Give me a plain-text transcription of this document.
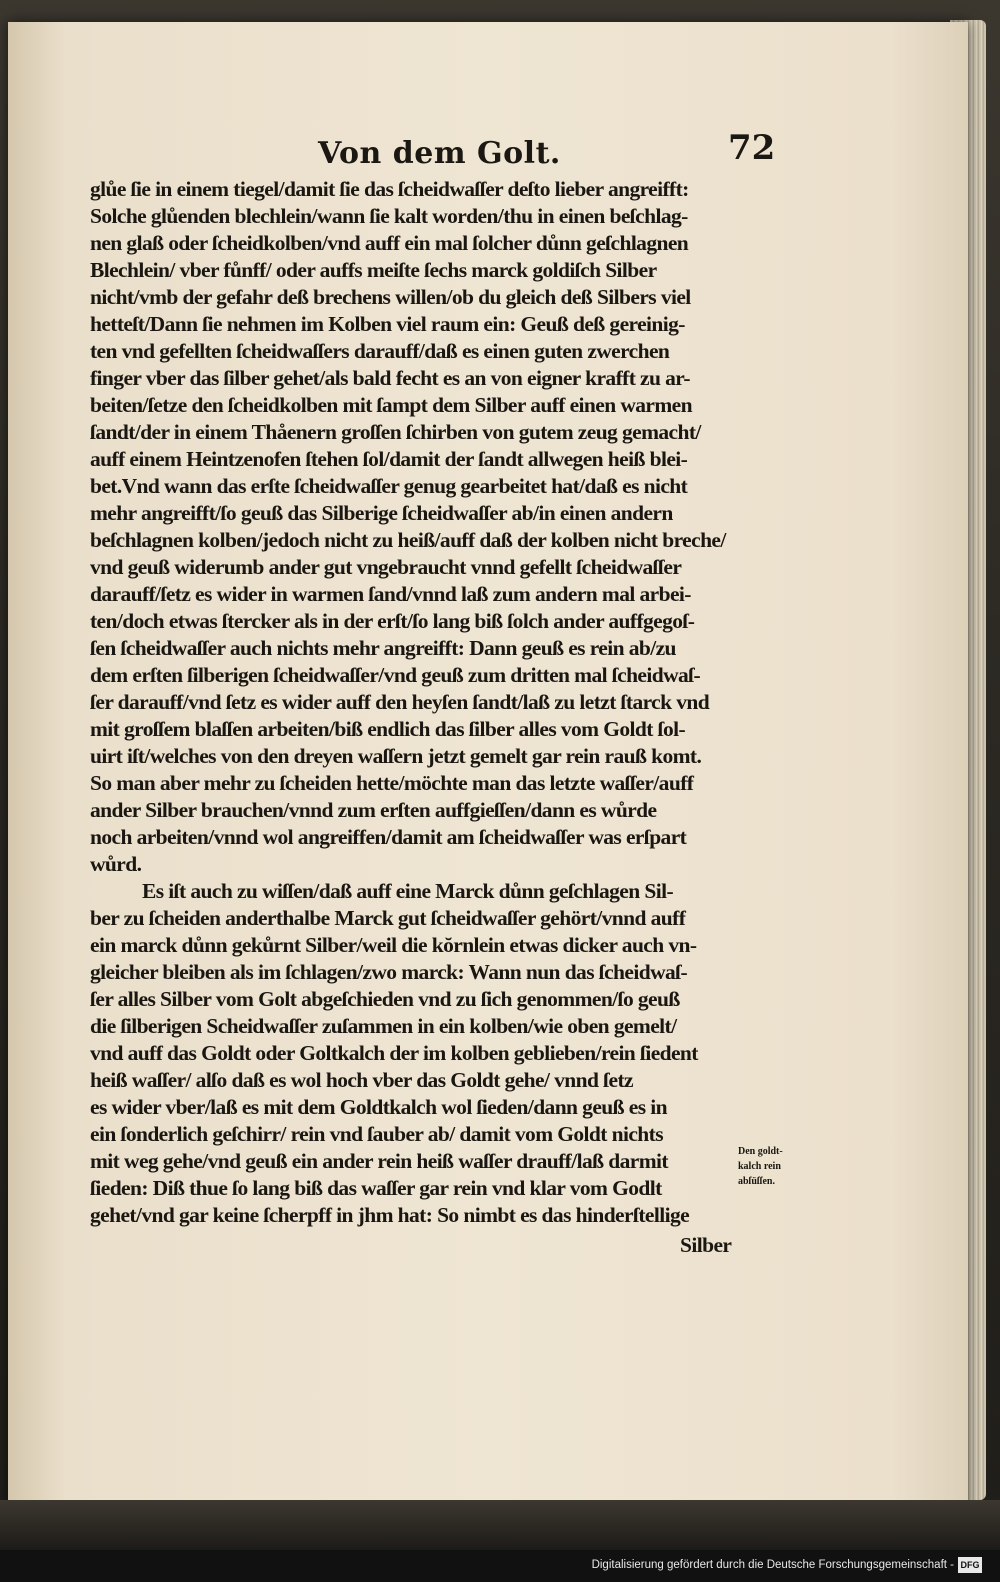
Von dem Golt.	72
glůe ſie in einem tiegel/damit ſie das ſcheidwaſſer deſto lieber angreifft:
Solche glůenden blechlein/wann ſie kalt worden/thu in einen beſchlag-
nen glaß oder ſcheidkolben/vnd auff ein mal ſolcher důnn geſchlagnen
Blechlein/ vber fůnff/ oder auffs meiſte ſechs marck goldiſch Silber
nicht/vmb der gefahr deß brechens willen/ob du gleich deß Silbers viel
hetteſt/Dann ſie nehmen im Kolben viel raum ein: Geuß deß gereinig-
ten vnd gefellten ſcheidwaſſers darauff/daß es einen guten zwerchen
finger vber das ſilber gehet/als bald fecht es an von eigner krafft zu ar-
beiten/ſetze den ſcheidkolben mit ſampt dem Silber auff einen warmen
ſandt/der in einem Thåenern groſſen ſchirben von gutem zeug gemacht/
auff einem Heintzenofen ſtehen ſol/damit der ſandt allwegen heiß blei-
bet.Vnd wann das erſte ſcheidwaſſer genug gearbeitet hat/daß es nicht
mehr angreifft/ſo geuß das Silberige ſcheidwaſſer ab/in einen andern
beſchlagnen kolben/jedoch nicht zu heiß/auff daß der kolben nicht breche/
vnd geuß widerumb ander gut vngebraucht vnnd gefellt ſcheidwaſſer
darauff/ſetz es wider in warmen ſand/vnnd laß zum andern mal arbei-
ten/doch etwas ſtercker als in der erſt/ſo lang biß ſolch ander auffgegoſ-
ſen ſcheidwaſſer auch nichts mehr angreifft: Dann geuß es rein ab/zu
dem erſten ſilberigen ſcheidwaſſer/vnd geuß zum dritten mal ſcheidwaſ-
ſer darauff/vnd ſetz es wider auff den heyſen ſandt/laß zu letzt ſtarck vnd
mit groſſem blaſſen arbeiten/biß endlich das ſilber alles vom Goldt ſol-
uirt iſt/welches von den dreyen waſſern jetzt gemelt gar rein rauß komt.
So man aber mehr zu ſcheiden hette/möchte man das letzte waſſer/auff
ander Silber brauchen/vnnd zum erſten auffgieſſen/dann es wůrde
noch arbeiten/vnnd wol angreiffen/damit am ſcheidwaſſer was erſpart
wůrd.
Es iſt auch zu wiſſen/daß auff eine Marck důnn geſchlagen Sil-
ber zu ſcheiden anderthalbe Marck gut ſcheidwaſſer gehört/vnnd auff
ein marck důnn gekůrnt Silber/weil die kŏrnlein etwas dicker auch vn-
gleicher bleiben als im ſchlagen/zwo marck: Wann nun das ſcheidwaſ-
ſer alles Silber vom Golt abgeſchieden vnd zu ſich genommen/ſo geuß
die ſilberigen Scheidwaſſer zuſammen in ein kolben/wie oben gemelt/
vnd auff das Goldt oder Goltkalch der im kolben geblieben/rein ſiedent
heiß waſſer/ alſo daß es wol hoch vber das Goldt gehe/ vnnd ſetz
es wider vber/laß es mit dem Goldtkalch wol ſieden/dann geuß es in
ein ſonderlich geſchirr/ rein vnd ſauber ab/ damit vom Goldt nichts
mit weg gehe/vnd geuß ein ander rein heiß waſſer drauff/laß darmit
ſieden: Diß thue ſo lang biß das waſſer gar rein vnd klar vom Godlt
gehet/vnd gar keine ſcherpff in jhm hat: So nimbt es das hinderſtellige
Silber
Den goldt-
kalch rein
abſüſſen.
Digitalisierung gefördert durch die Deutsche Forschungsgemeinschaft - DFG
